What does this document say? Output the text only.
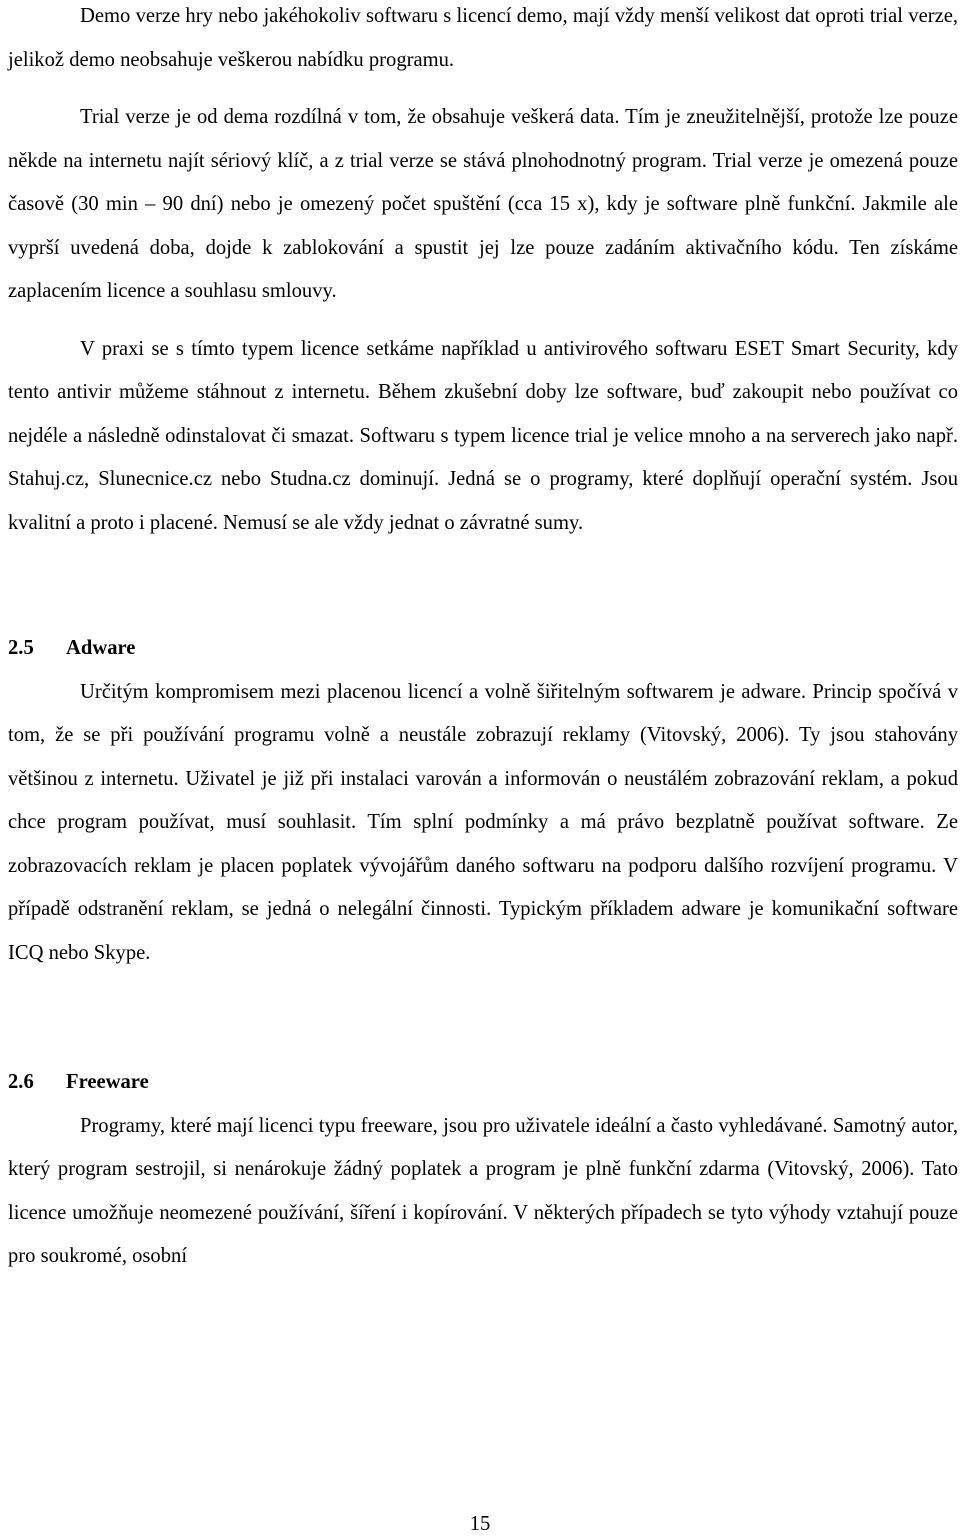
Demo verze hry nebo jakéhokoliv softwaru s licencí demo, mají vždy menší velikost dat oproti trial verze, jelikož demo neobsahuje veškerou nabídku programu.

Trial verze je od dema rozdílná v tom, že obsahuje veškerá data. Tím je zneužitelnější, protože lze pouze někde na internetu najít sériový klíč, a z trial verze se stává plnohodnotný program. Trial verze je omezená pouze časově (30 min – 90 dní) nebo je omezený počet spuštění (cca 15 x), kdy je software plně funkční. Jakmile ale vyprší uvedená doba, dojde k zablokování a spustit jej lze pouze zadáním aktivačního kódu. Ten získáme zaplacením licence a souhlasu smlouvy.

V praxi se s tímto typem licence setkáme například u antivirového softwaru ESET Smart Security, kdy tento antivir můžeme stáhnout z internetu. Během zkušební doby lze software, buď zakoupit nebo používat co nejdéle a následně odinstalovat či smazat. Softwaru s typem licence trial je velice mnoho a na serverech jako např. Stahuj.cz, Slunecnice.cz nebo Studna.cz dominují. Jedná se o programy, které doplňují operační systém. Jsou kvalitní a proto i placené. Nemusí se ale vždy jednat o závratné sumy.

2.5	Adware

Určitým kompromisem mezi placenou licencí a volně šiřitelným softwarem je adware. Princip spočívá v tom, že se při používání programu volně a neustále zobrazují reklamy (Vitovský, 2006). Ty jsou stahovány většinou z internetu. Uživatel je již při instalaci varován a informován o neustálém zobrazování reklam, a pokud chce program používat, musí souhlasit. Tím splní podmínky a má právo bezplatně používat software. Ze zobrazovacích reklam je placen poplatek vývojářům daného softwaru na podporu dalšího rozvíjení programu. V případě odstranění reklam, se jedná o nelegální činnosti. Typickým příkladem adware je komunikační software ICQ nebo Skype.

2.6	Freeware

Programy, které mají licenci typu freeware, jsou pro uživatele ideální a často vyhledávané. Samotný autor, který program sestrojil, si nenárokuje žádný poplatek a program je plně funkční zdarma (Vitovský, 2006). Tato licence umožňuje neomezené používání, šíření i kopírování. V některých případech se tyto výhody vztahují pouze pro soukromé, osobní

15
